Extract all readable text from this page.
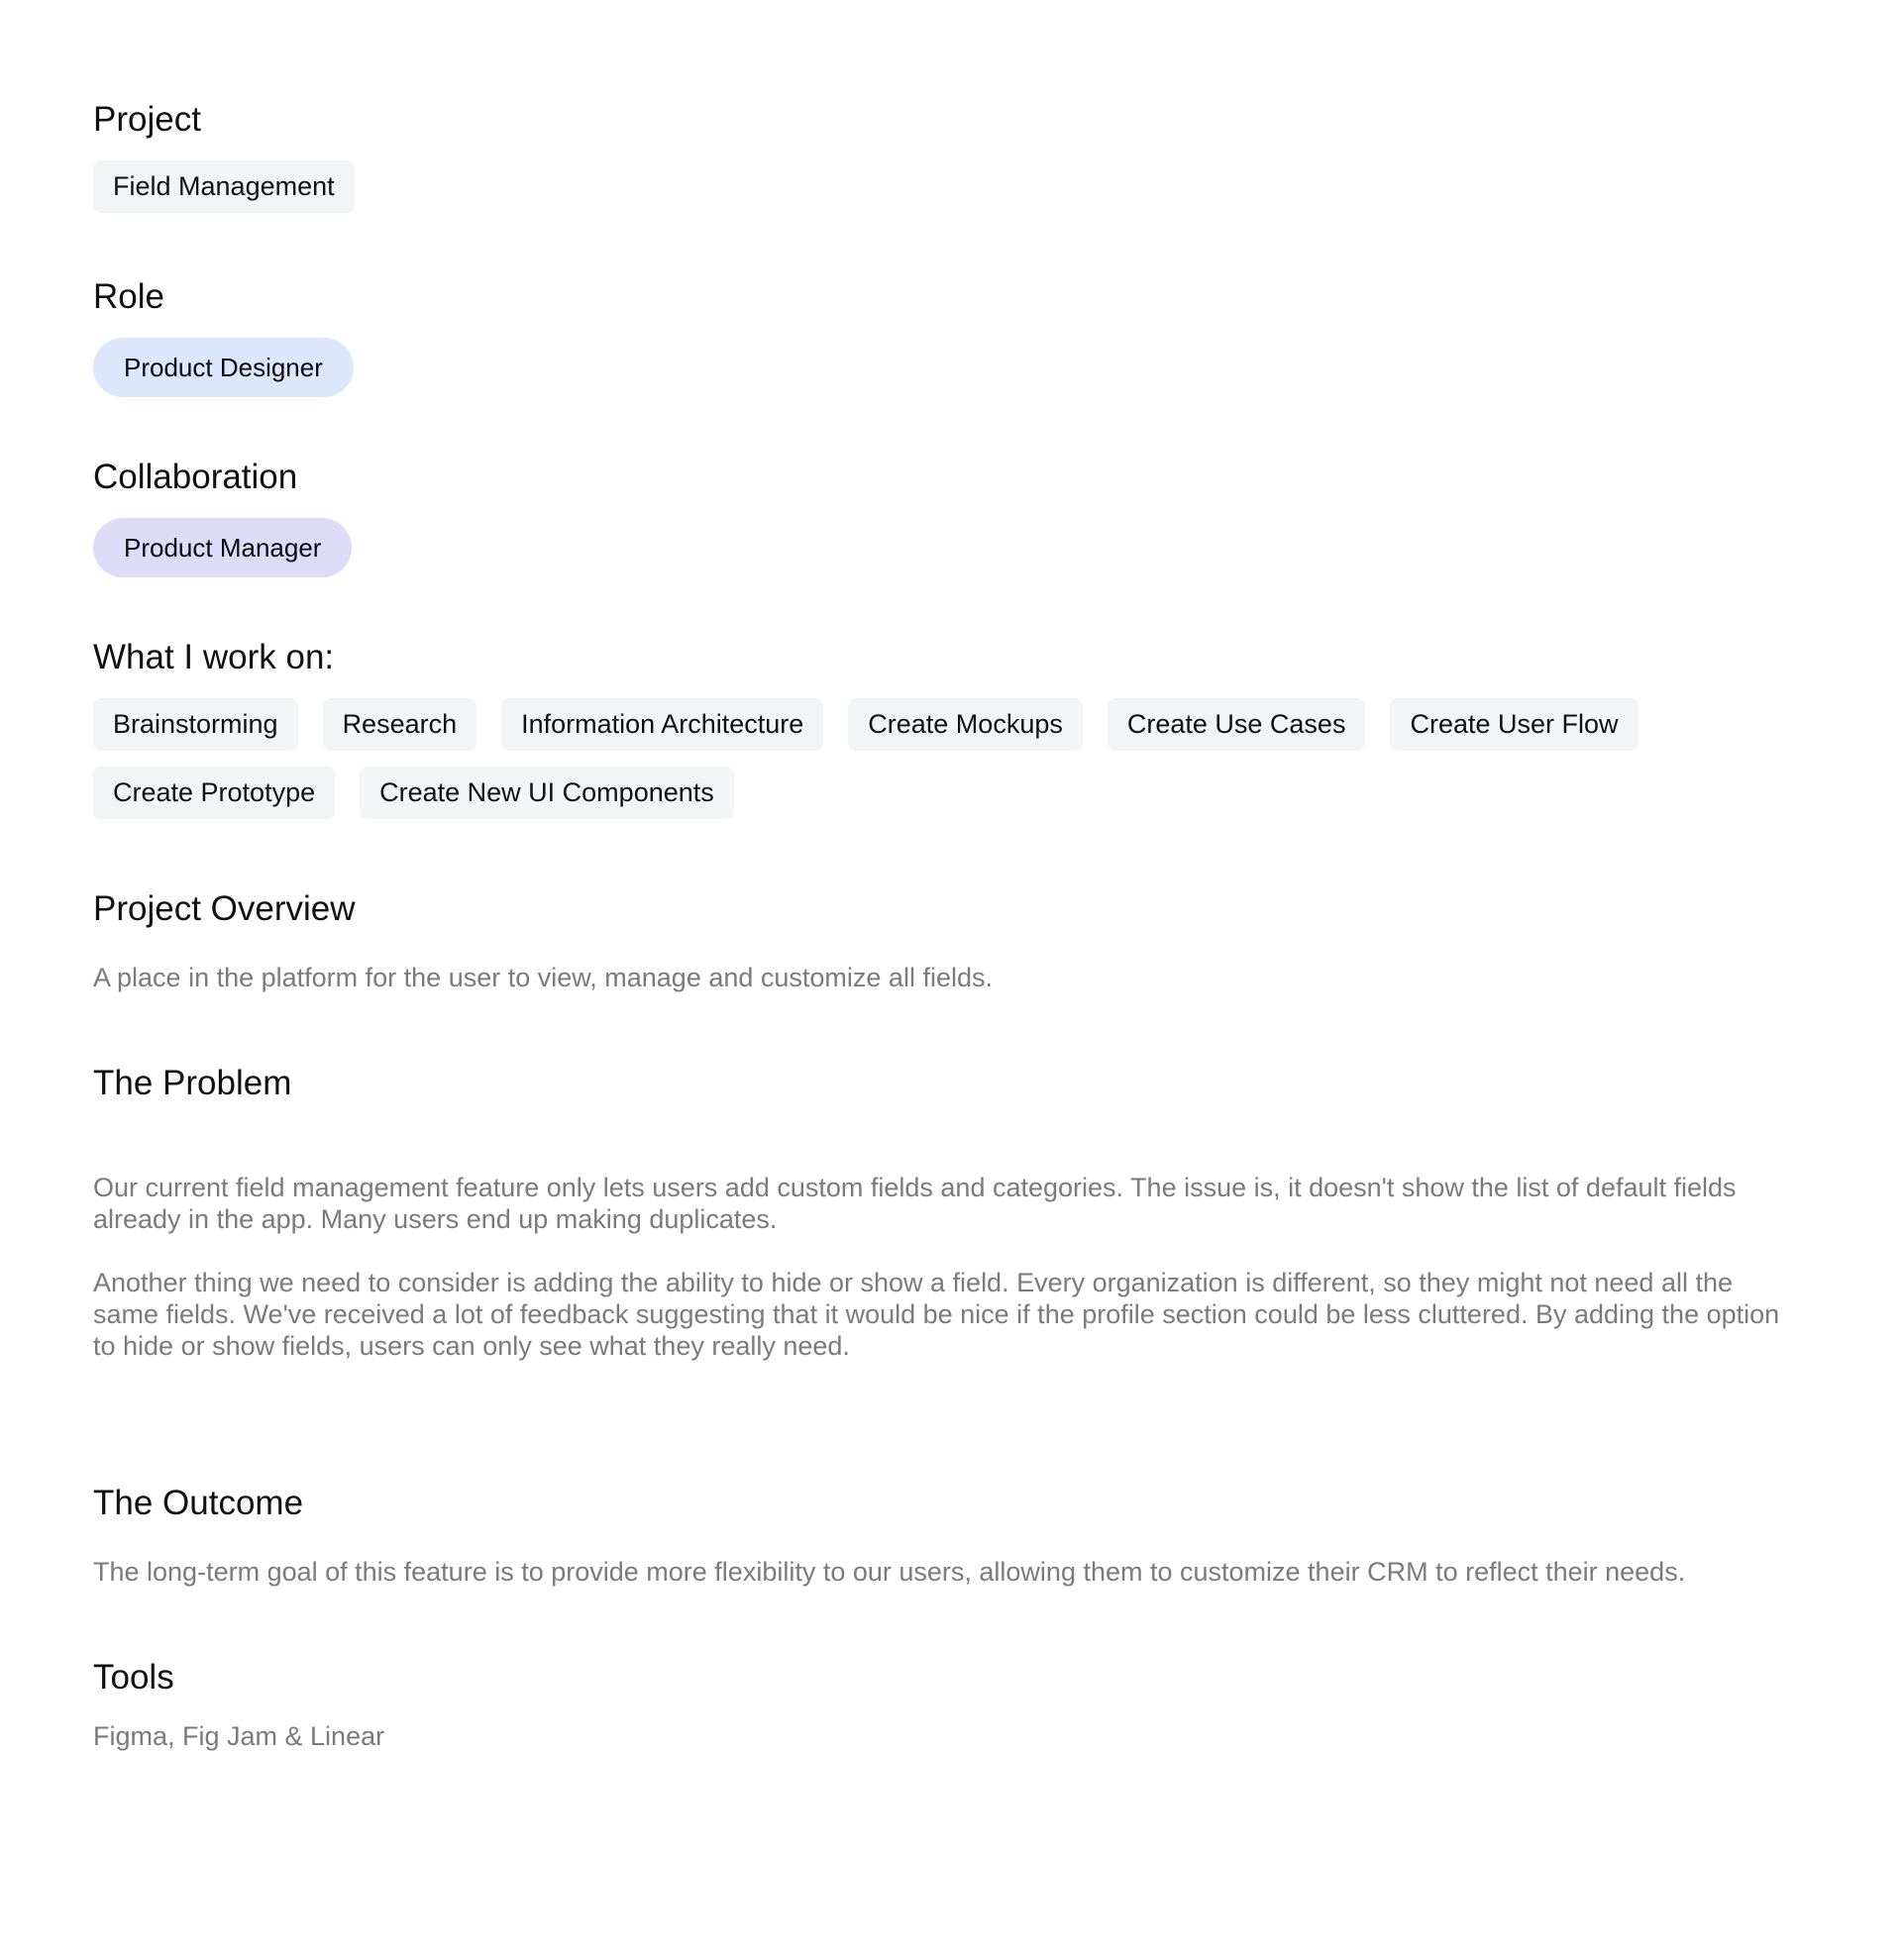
Project
Field Management
Role
Product Designer
Collaboration
Product Manager
What I work on:
Brainstorming	Research	Information Architecture	Create Mockups	Create Use Cases	Create User Flow
Create Prototype	Create New UI Components
Project Overview

A place in the platform for the user to view, manage and customize all fields.

The Problem

Our current field management feature only lets users add custom fields and categories. The issue is, it doesn't show the list of default fields already in the app. Many users end up making duplicates.

Another thing we need to consider is adding the ability to hide or show a field. Every organization is different, so they might not need all the same fields. We've received a lot of feedback suggesting that it would be nice if the profile section could be less cluttered. By adding the option to hide or show fields, users can only see what they really need.

The Outcome

The long-term goal of this feature is to provide more flexibility to our users, allowing them to customize their CRM to reflect their needs.

Tools

Figma, Fig Jam & Linear
